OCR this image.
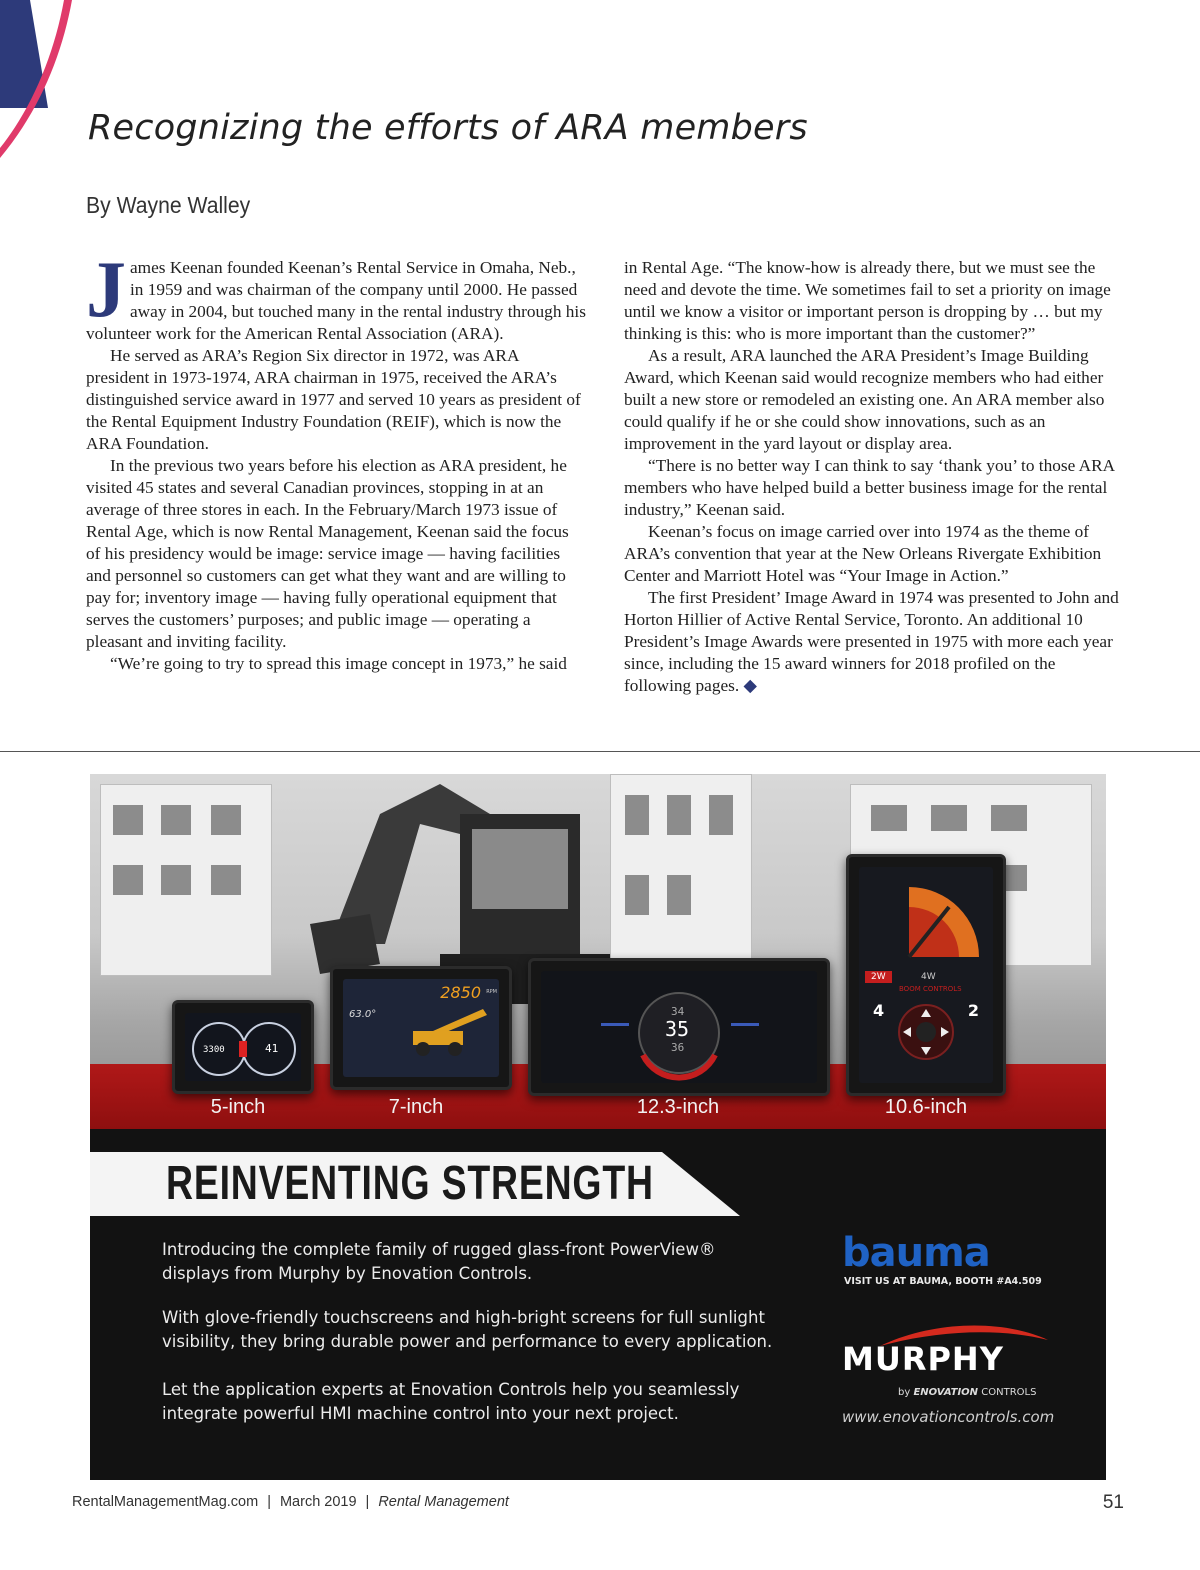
Recognizing the efforts of ARA members
By Wayne Walley

James Keenan founded Keenan’s Rental Service in Omaha, Neb., in 1959 and was chairman of the company until 2000. He passed away in 2004, but touched many in the rental industry through his volunteer work for the American Rental Association (ARA).

He served as ARA’s Region Six director in 1972, was ARA president in 1973-1974, ARA chairman in 1975, received the ARA’s distinguished service award in 1977 and served 10 years as president of the Rental Equipment Industry Foundation (REIF), which is now the ARA Foundation.

In the previous two years before his election as ARA president, he visited 45 states and several Canadian provinces, stopping in at an average of three stores in each. In the February/March 1973 issue of Rental Age, which is now Rental Management, Keenan said the focus of his presidency would be image: service image — having facilities and personnel so customers can get what they want and are willing to pay for; inventory image — having fully operational equipment that serves the customers’ purposes; and public image — operating a pleasant and inviting facility.

“We’re going to try to spread this image concept in 1973,” he said

in Rental Age. “The know-how is already there, but we must see the need and devote the time. We sometimes fail to set a priority on image until we know a visitor or important person is dropping by … but my thinking is this: who is more important than the customer?”

As a result, ARA launched the ARA President’s Image Building Award, which Keenan said would recognize members who had either built a new store or remodeled an existing one. An ARA member also could qualify if he or she could show innovations, such as an improvement in the yard layout or display area.

“There is no better way I can think to say ‘thank you’ to those ARA members who have helped build a better business image for the rental industry,” Keenan said.

Keenan’s focus on image carried over into 1974 as the theme of ARA’s convention that year at the New Orleans Rivergate Exhibition Center and Marriott Hotel was “Your Image in Action.”

The first President’ Image Award in 1974 was presented to John and Horton Hillier of Active Rental Service, Toronto. An additional 10 President’s Image Awards were presented in 1975 with more each year since, including the 15 award winners for 2018 profiled on the following pages. ◆

3300	41
2850 RPM
63.0°	34
35
36
2W	4W
BOOM CONTROLS
4	2
5-inch	7-inch	12.3-inch	10.6-inch
REINVENTING STRENGTH

Introducing the complete family of rugged glass-front PowerView® displays from Murphy by Enovation Controls.

With glove-friendly touchscreens and high-bright screens for full sunlight visibility, they bring durable power and performance to every application.

Let the application experts at Enovation Controls help you seamlessly integrate powerful HMI machine control into your next project.

bauma
VISIT US AT BAUMA, BOOTH #A4.509
MURPHY
by ENOVATION CONTROLS
www.enovationcontrols.com
RentalManagementMag.com | March 2019 | Rental Management	51
